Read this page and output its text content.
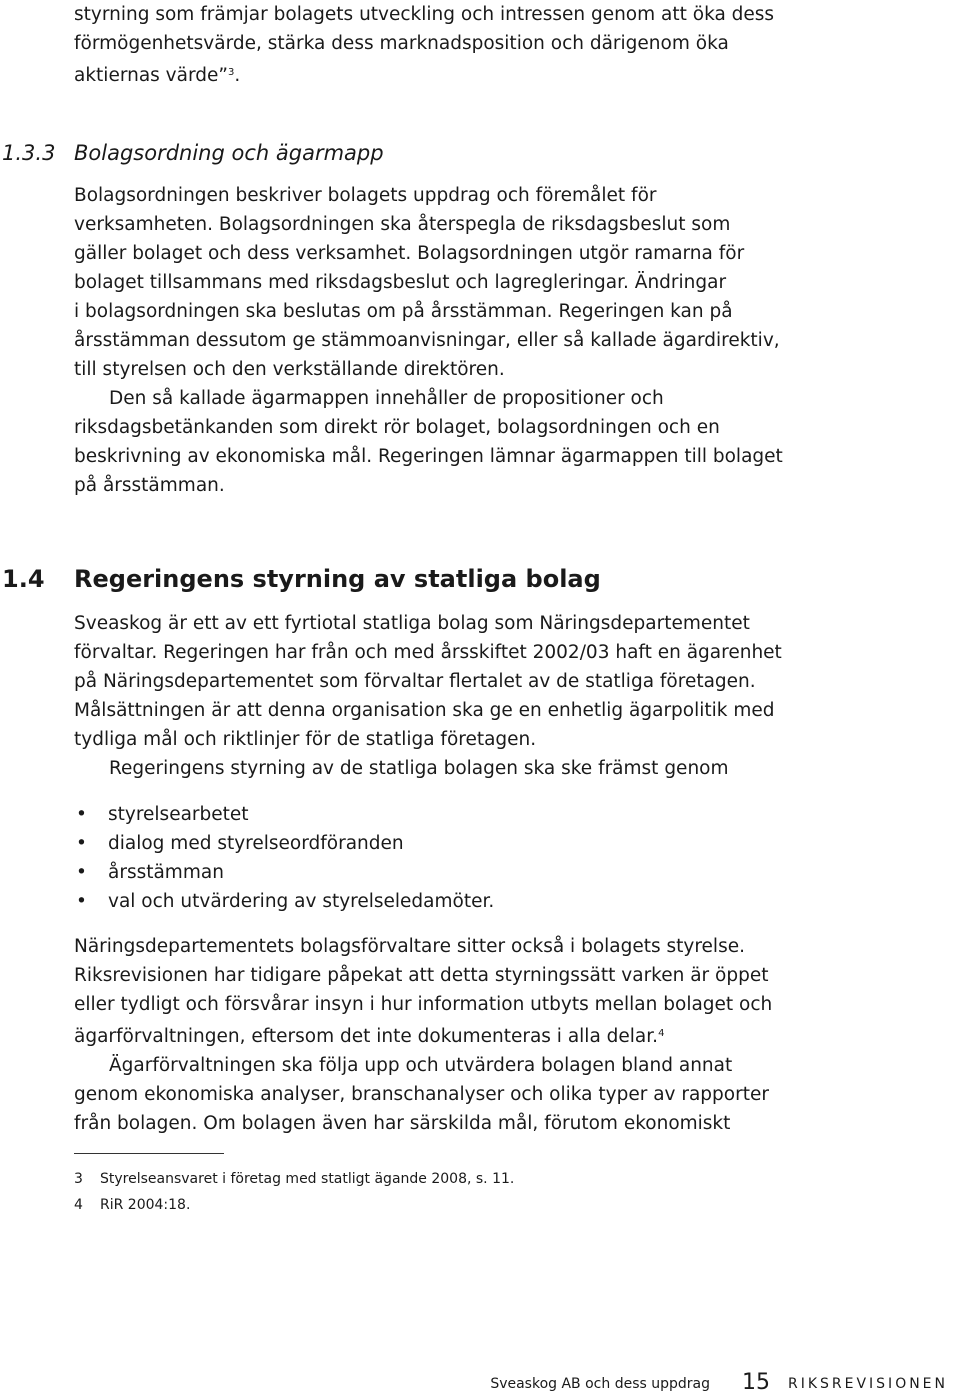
styrning som främjar bolagets utveckling och intressen genom att öka dess
förmögenhetsvärde, stärka dess marknadsposition och därigenom öka
aktiernas värde”$^3$.
1.3.3 Bolagsordning och ägarmapp
Bolagsordningen beskriver bolagets uppdrag och föremålet för
verksamheten. Bolagsordningen ska återspegla de riksdagsbeslut som
gäller bolaget och dess verksamhet. Bolagsordningen utgör ramarna för
bolaget tillsammans med riksdagsbeslut och lagregleringar. Ändringar
i bolagsordningen ska beslutas om på årsstämman. Regeringen kan på
årsstämman dessutom ge stämmoanvisningar, eller så kallade ägardirektiv,
till styrelsen och den verkställande direktören.
Den så kallade ägarmappen innehåller de propositioner och
riksdagsbetänkanden som direkt rör bolaget, bolagsordningen och en
beskrivning av ekonomiska mål. Regeringen lämnar ägarmappen till bolaget
på årsstämman.
1.4 Regeringens styrning av statliga bolag
Sveaskog är ett av ett fyrtiotal statliga bolag som Näringsdepartementet
förvaltar. Regeringen har från och med årsskiftet 2002/03 haft en ägarenhet
på Näringsdepartementet som förvaltar flertalet av de statliga företagen.
Målsättningen är att denna organisation ska ge en enhetlig ägarpolitik med
tydliga mål och riktlinjer för de statliga företagen.
Regeringens styrning av de statliga bolagen ska ske främst genom
• styrelsearbetet
• dialog med styrelseordföranden
• årsstämman
• val och utvärdering av styrelseledamöter.
Näringsdepartementets bolagsförvaltare sitter också i bolagets styrelse.
Riksrevisionen har tidigare påpekat att detta styrningssätt varken är öppet
eller tydligt och försvårar insyn i hur information utbyts mellan bolaget och
ägarförvaltningen, eftersom det inte dokumenteras i alla delar.$^4$
Ägarförvaltningen ska följa upp och utvärdera bolagen bland annat
genom ekonomiska analyser, branschanalyser och olika typer av rapporter
från bolagen. Om bolagen även har särskilda mål, förutom ekonomiskt
3 Styrelseansvaret i företag med statligt ägande 2008, s. 11.
4 RiR 2004:18.
Sveaskog AB och dess uppdrag 15 RIKSREVISIONEN
